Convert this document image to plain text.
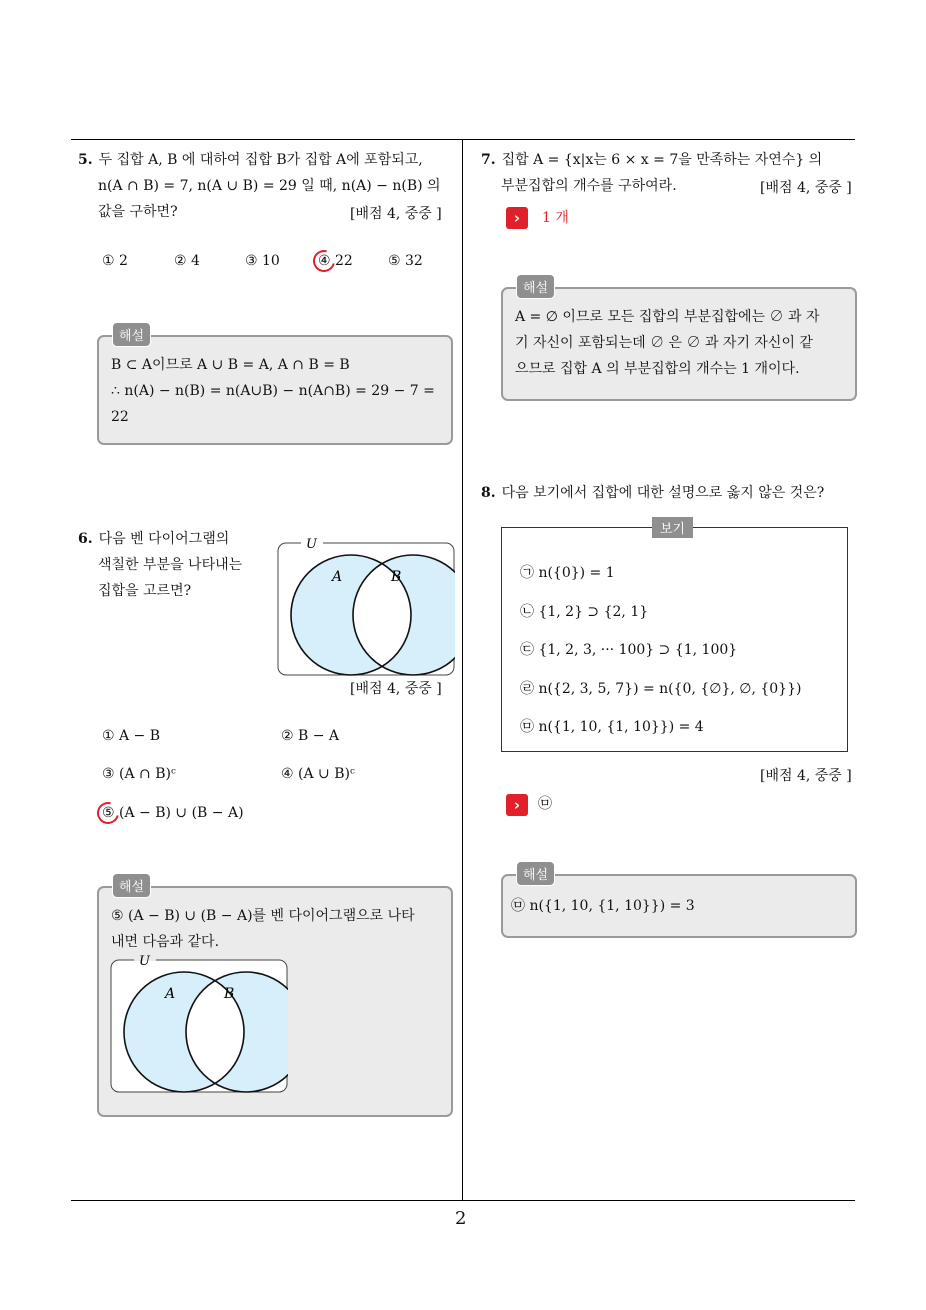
2
5. 두 집합 A, B 에 대하여 집합 B가 집합 A에 포함되고,
n(A ∩ B) = 7, n(A ∪ B) = 29 일 때, n(A) − n(B) 의
값을 구하면?	[배점 4, 중중 ]
① 2	② 4	③ 10	④ 22	⑤ 32
해설
B ⊂ A이므로 A ∪ B = A, A ∩ B = B
∴ n(A) − n(B) = n(A∪B) − n(A∩B) = 29 − 7 =
22
6. 다음 벤 다이어그램의
색칠한 부분을 나타내는
집합을 고르면?
U
A	B
[배점 4, 중중 ]
① A − B	② B − A
③ (A ∩ B)ᶜ	④ (A ∪ B)ᶜ
⑤ (A − B) ∪ (B − A)
해설
⑤ (A − B) ∪ (B − A)를 벤 다이어그램으로 나타
내면 다음과 같다.
U
A	B
7. 집합 A = {x|x는 6 × x = 7을 만족하는 자연수} 의
부분집합의 개수를 구하여라.	[배점 4, 중중 ]
›	1 개
해설
A = ∅ 이므로 모든 집합의 부분집합에는 ∅ 과 자
기 자신이 포함되는데 ∅ 은 ∅ 과 자기 자신이 같
으므로 집합 A 의 부분집합의 개수는 1 개이다.
8. 다음 보기에서 집합에 대한 설명으로 옳지 않은 것은?
보기
㉠ n({0}) = 1
㉡ {1, 2} ⊃ {2, 1}
㉢ {1, 2, 3, ··· 100} ⊃ {1, 100}
㉣ n({2, 3, 5, 7}) = n({0, {∅}, ∅, {0}})
㉤ n({1, 10, {1, 10}}) = 4
[배점 4, 중중 ]
›	㉤
해설
㉤ n({1, 10, {1, 10}}) = 3
